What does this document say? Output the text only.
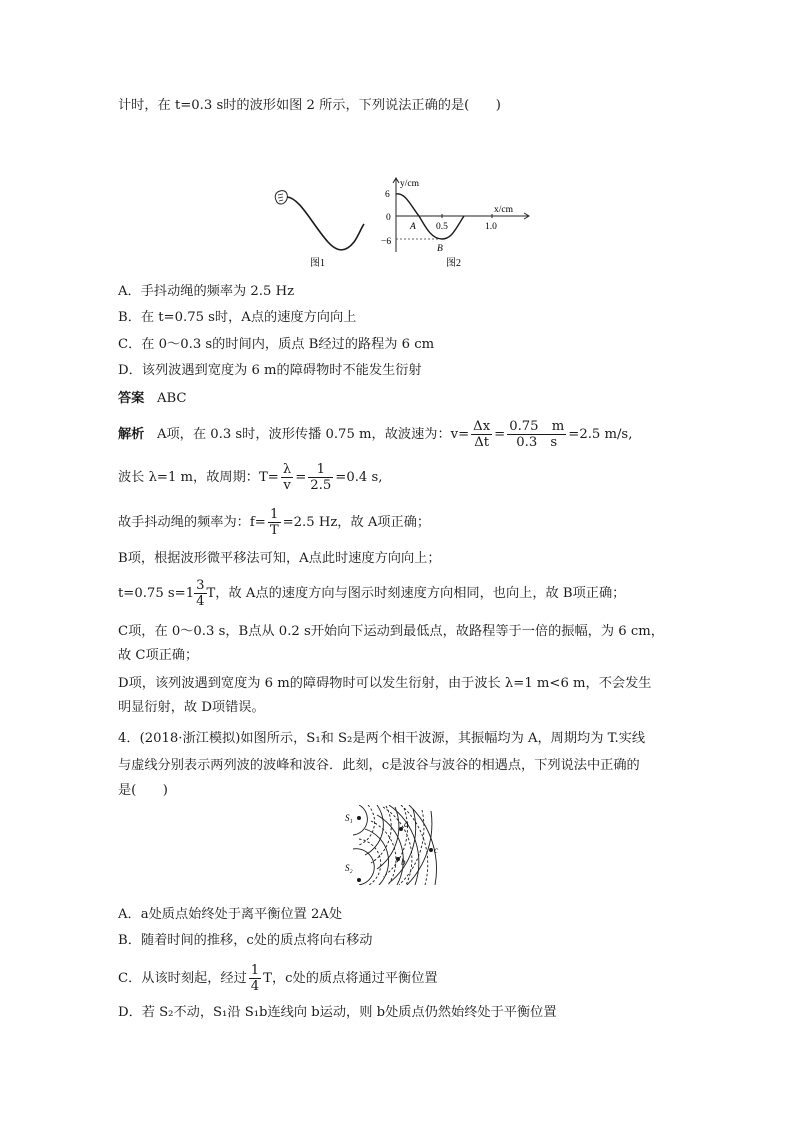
计时，在 t=0.3 s时的波形如图 2 所示，下列说法正确的是(　　)
图1
y/cm
x/cm
6
0
−6
0.5	1.0
A
B
图2
A．手抖动绳的频率为 2.5 Hz
B．在 t=0.75 s时，A点的速度方向向上
C．在 0～0.3 s的时间内，质点 B经过的路程为 6 cm
D．该列波遇到宽度为 6 m的障碍物时不能发生衍射
答案 ABC
解析 A项，在 0.3 s时，波形传播 0.75 m，故波速为：$v= \frac{\Delta x}{\Delta t} = \frac{0.75 m}{0.3 s} =2.5$ m/s,
波长 λ=1 m，故周期：$T= \frac{\lambda}{v} = \frac{1}{2.5} =0.4$ s,
故手抖动绳的频率为：$f= \frac{1}{T} =2.5$ Hz，故 A项正确；
B项，根据波形微平移法可知，A点此时速度方向向上；
t=0.75 $s=1 \frac{3}{4}$ T，故 A点的速度方向与图示时刻速度方向相同，也向上，故 B项正确；
C项，在 0～0.3 s，B点从 0.2 s开始向下运动到最低点，故路程等于一倍的振幅，为 6 cm，
故 C项正确；
D项，该列波遇到宽度为 6 m的障碍物时可以发生衍射，由于波长 λ=1 m<6 m，不会发生
明显衍射，故 D项错误。
4．(2018·浙江模拟)如图所示，S₁和 S₂是两个相干波源，其振幅均为 A，周期均为 T.实线
与虚线分别表示两列波的波峰和波谷．此刻，c是波谷与波谷的相遇点，下列说法中正确的
是(　　)
S₁
S₂
a
b
c
A．a处质点始终处于离平衡位置 2A处
B．随着时间的推移，c处的质点将向右移动
C．从该时刻起，经过 $\frac{1}{4}$ T，c处的质点将通过平衡位置
D．若 S₂不动，S₁沿 S₁b连线向 b运动，则 b处质点仍然始终处于平衡位置
